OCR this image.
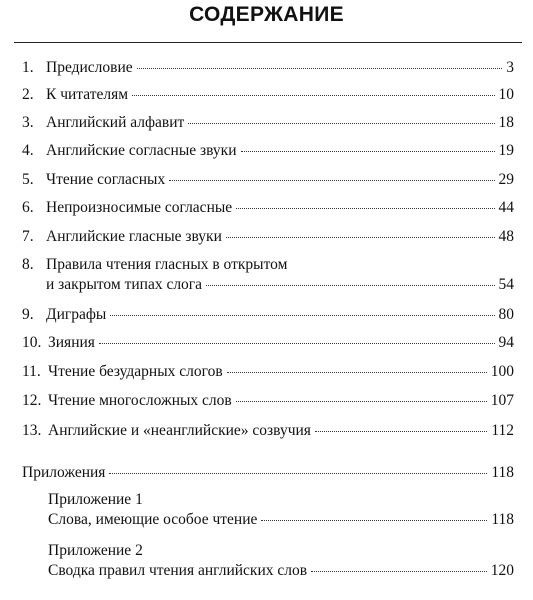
СОДЕРЖАНИЕ
1. Предисловие	3
2. К читателям	10
3. Английский алфавит	18
4. Английские согласные звуки	19
5. Чтение согласных	29
6. Непроизносимые согласные	44
7. Английские гласные звуки	48
8. Правила чтения гласных в открытом
и закрытом типах слога	54
9. Диграфы	80
10. Зияния	94
11. Чтение безударных слогов	100
12. Чтение многосложных слов	107
13. Английские и «неанглийские» созвучия	112
Приложения	118
Приложение 1
Слова, имеющие особое чтение	118
Приложение 2
Сводка правил чтения английских слов	120
